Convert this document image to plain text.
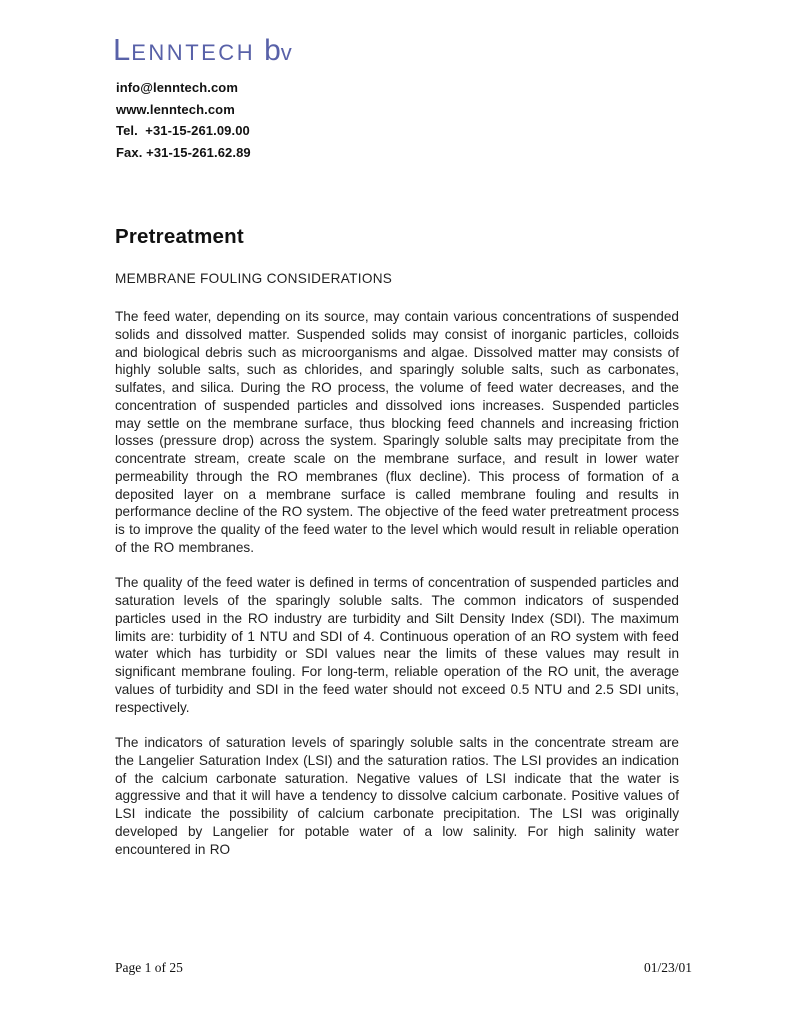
LENNTECH bv
info@lenntech.com
www.lenntech.com
Tel.  +31-15-261.09.00
Fax. +31-15-261.62.89
Pretreatment
MEMBRANE FOULING CONSIDERATIONS

The feed water, depending on its source, may contain various concentrations of suspended solids and dissolved matter. Suspended solids may consist of inorganic particles, colloids and biological debris such as microorganisms and algae. Dissolved matter may consists of highly soluble salts, such as chlorides, and sparingly soluble salts, such as carbonates, sulfates, and silica. During the RO process, the volume of feed water decreases, and the concentration of suspended particles and dissolved ions increases. Suspended particles may settle on the membrane surface, thus blocking feed channels and increasing friction losses (pressure drop) across the system. Sparingly soluble salts may precipitate from the concentrate stream, create scale on the membrane surface, and result in lower water permeability through the RO membranes (flux decline). This process of formation of a deposited layer on a membrane surface is called membrane fouling and results in performance decline of the RO system. The objective of the feed water pretreatment process is to improve the quality of the feed water to the level which would result in reliable operation of the RO membranes.

The quality of the feed water is defined in terms of concentration of suspended particles and saturation levels of the sparingly soluble salts. The common indicators of suspended particles used in the RO industry are turbidity and Silt Density Index (SDI). The maximum limits are: turbidity of 1 NTU and SDI of 4. Continuous operation of an RO system with feed water which has turbidity or SDI values near the limits of these values may result in significant membrane fouling. For long-term, reliable operation of the RO unit, the average values of turbidity and SDI in the feed water should not exceed 0.5 NTU and 2.5 SDI units, respectively.

The indicators of saturation levels of sparingly soluble salts in the concentrate stream are the Langelier Saturation Index (LSI) and the saturation ratios. The LSI provides an indication of the calcium carbonate saturation. Negative values of LSI indicate that the water is aggressive and that it will have a tendency to dissolve calcium carbonate. Positive values of LSI indicate the possibility of calcium carbonate precipitation. The LSI was originally developed by Langelier for potable water of a low salinity. For high salinity water encountered in RO

Page 1 of 25	01/23/01
